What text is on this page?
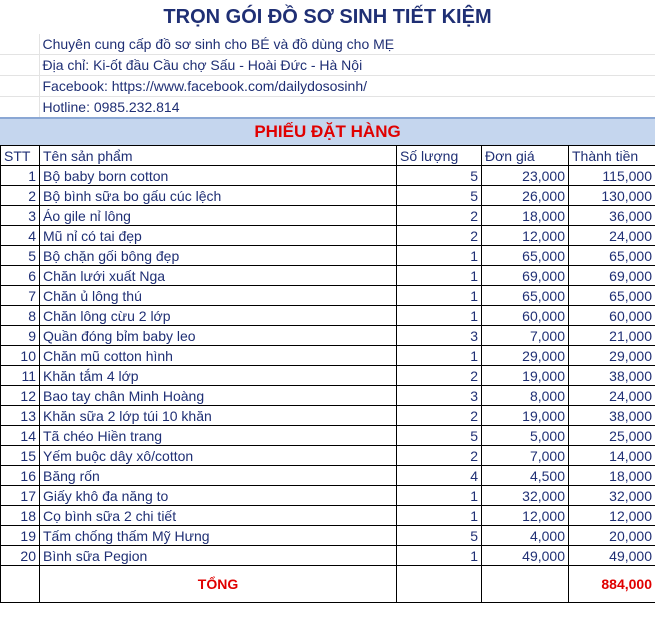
TRỌN GÓI ĐỒ SƠ SINH TIẾT KIỆM	
	Chuyên cung cấp đồ sơ sinh cho BÉ và đồ dùng cho MẸ
	Địa chỉ: Ki-ốt đầu Cầu chợ Sấu - Hoài Đức - Hà Nội
	Facebook: https://www.facebook.com/dailydososinh/
	Hotline: 0985.232.814
PHIẾU ĐẶT HÀNG	
STT	Tên sản phẩm	Số lượng	Đơn giá	Thành tiền
1	Bộ baby born cotton	5	23,000	115,000
2	Bộ bình sữa bo gấu cúc lệch	5	26,000	130,000
3	Áo gile nỉ lông	2	18,000	36,000
4	Mũ nỉ có tai đẹp	2	12,000	24,000
5	Bộ chặn gối bông đẹp	1	65,000	65,000
6	Chăn lưới xuất Nga	1	69,000	69,000
7	Chăn ủ lông thú	1	65,000	65,000
8	Chăn lông cừu 2 lớp	1	60,000	60,000
9	Quần đóng bỉm baby leo	3	7,000	21,000
10	Chăn mũ cotton hình	1	29,000	29,000
11	Khăn tắm 4 lớp	2	19,000	38,000
12	Bao tay chân Minh Hoàng	3	8,000	24,000
13	Khăn sữa 2 lớp túi 10 khăn	2	19,000	38,000
14	Tã chéo Hiền trang	5	5,000	25,000
15	Yếm buộc dây xô/cotton	2	7,000	14,000
16	Băng rốn	4	4,500	18,000
17	Giấy khô đa năng to	1	32,000	32,000
18	Cọ bình sữa 2 chi tiết	1	12,000	12,000
19	Tấm chống thấm Mỹ Hưng	5	4,000	20,000
20	Bình sữa Pegion	1	49,000	49,000
	TỔNG			884,000
